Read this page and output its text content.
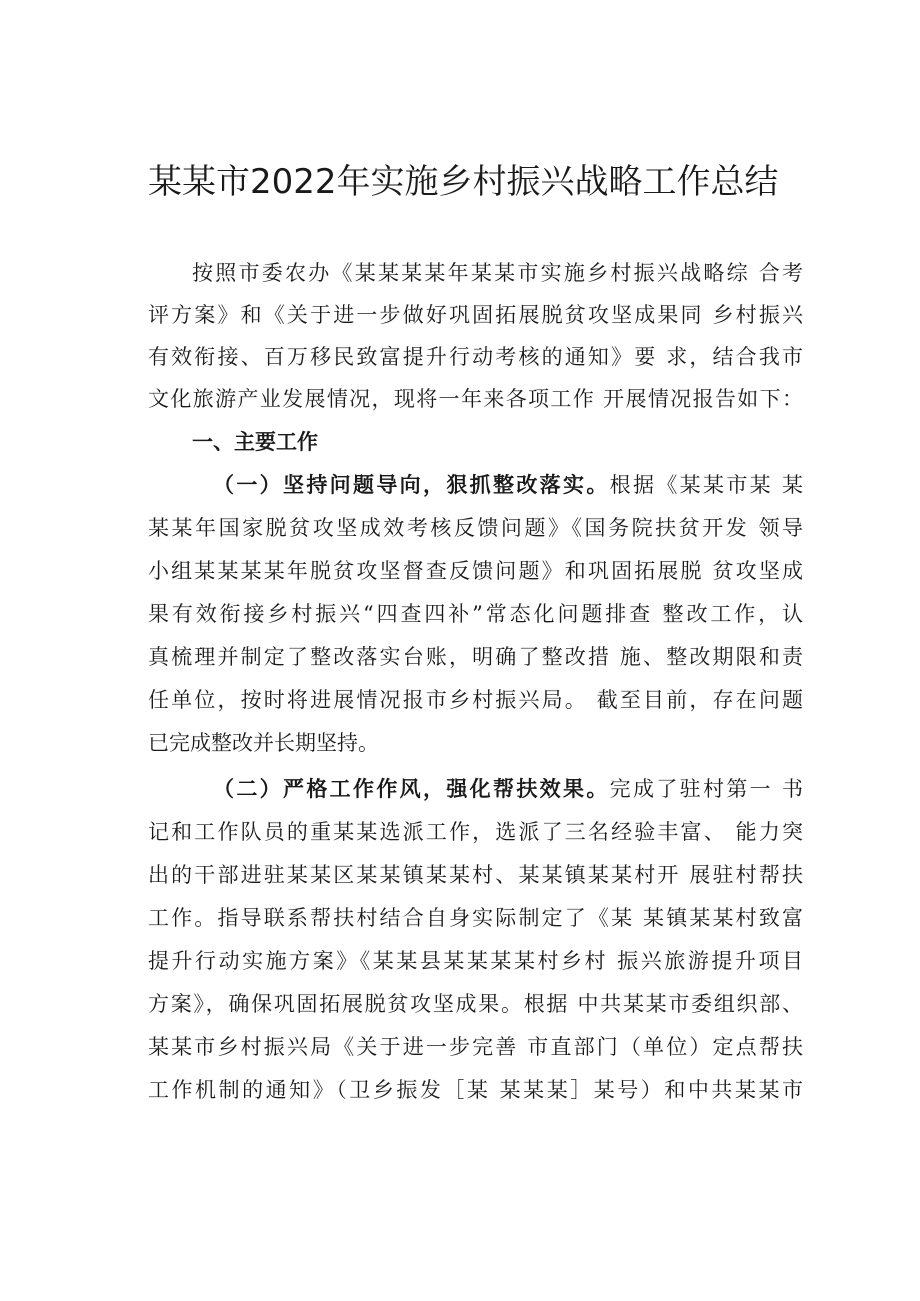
某某市2022年实施乡村振兴战略工作总结

按照市委农办《某某某某年某某市实施乡村振兴战略综 合考

评方案》和《关于进一步做好巩固拓展脱贫攻坚成果同 乡村振兴

有效衔接、百万移民致富提升行动考核的通知》要 求，结合我市

文化旅游产业发展情况，现将一年来各项工作 开展情况报告如下：

一、主要工作

（一）坚持问题导向，狠抓整改落实。根据《某某市某 某

某某年国家脱贫攻坚成效考核反馈问题》《国务院扶贫开发 领导

小组某某某某年脱贫攻坚督查反馈问题》和巩固拓展脱 贫攻坚成

果有效衔接乡村振兴“四查四补”常态化问题排查 整改工作，认

真梳理并制定了整改落实台账，明确了整改措 施、整改期限和责

任单位，按时将进展情况报市乡村振兴局。 截至目前，存在问题

已完成整改并长期坚持。

（二）严格工作作风，强化帮扶效果。完成了驻村第一 书

记和工作队员的重某某选派工作，选派了三名经验丰富、 能力突

出的干部进驻某某区某某镇某某村、某某镇某某村开 展驻村帮扶

工作。指导联系帮扶村结合自身实际制定了《某 某镇某某村致富

提升行动实施方案》《某某县某某某某村乡村 振兴旅游提升项目

方案》，确保巩固拓展脱贫攻坚成果。根据 中共某某市委组织部、

某某市乡村振兴局《关于进一步完善 市直部门（单位）定点帮扶

工作机制的通知》（卫乡振发［某 某某某］某号）和中共某某市
